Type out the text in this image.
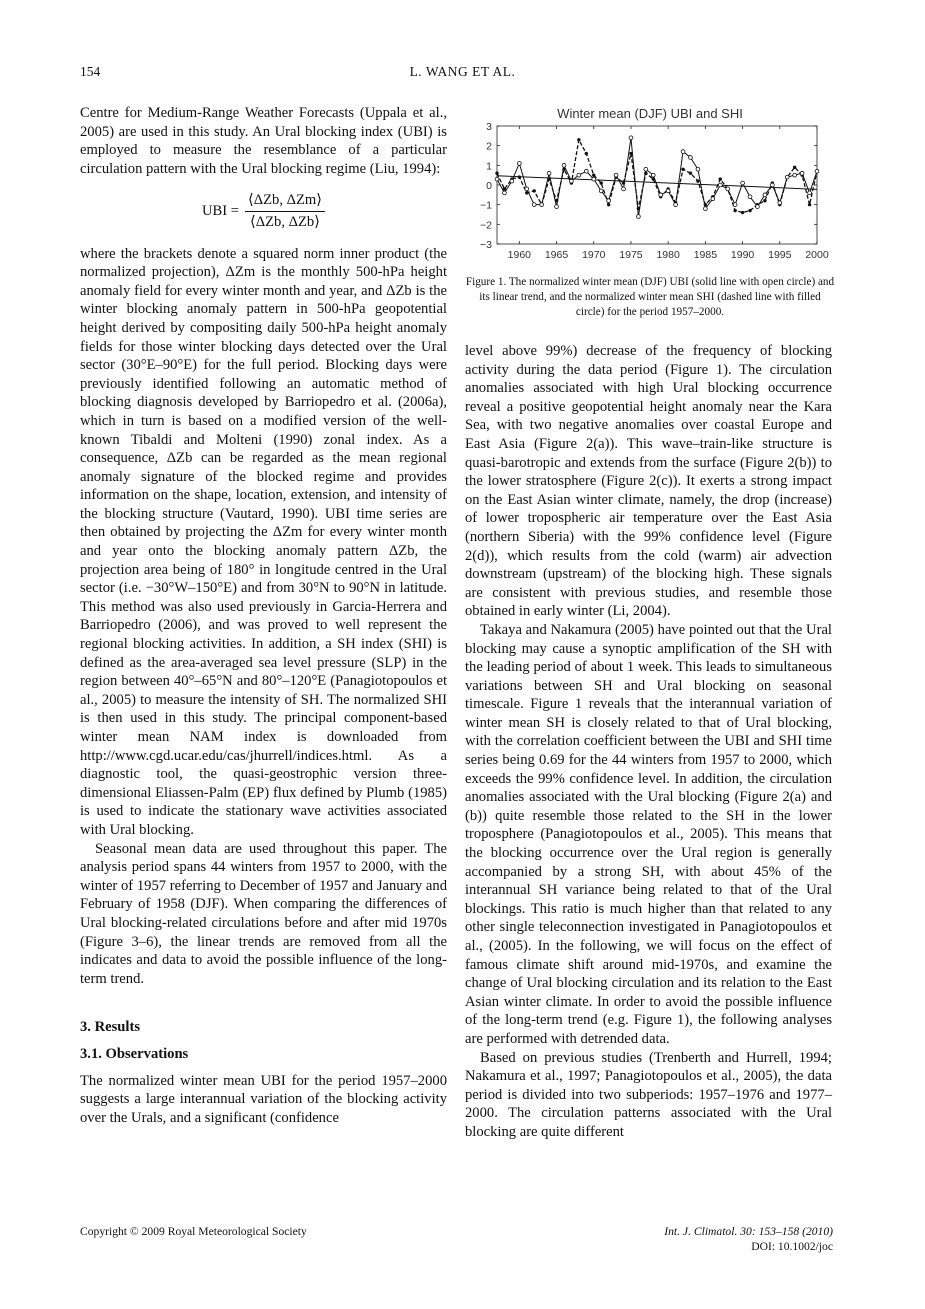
154	L. WANG ET AL.

Centre for Medium-Range Weather Forecasts (Uppala et al., 2005) are used in this study. An Ural blocking index (UBI) is employed to measure the resemblance of a particular circulation pattern with the Ural blocking regime (Liu, 1994):

UBI = $\frac{\text{⟨ΔZb, ΔZm⟩}}{\text{⟨ΔZb, ΔZb⟩}}$

where the brackets denote a squared norm inner product (the normalized projection), ΔZm is the monthly 500-hPa height anomaly field for every winter month and year, and ΔZb is the winter blocking anomaly pattern in 500-hPa geopotential height derived by compositing daily 500-hPa height anomaly fields for those winter blocking days detected over the Ural sector (30°E–90°E) for the full period. Blocking days were previously identified following an automatic method of blocking diagnosis developed by Barriopedro et al. (2006a), which in turn is based on a modified version of the well-known Tibaldi and Molteni (1990) zonal index. As a consequence, ΔZb can be regarded as the mean regional anomaly signature of the blocked regime and provides information on the shape, location, extension, and intensity of the blocking structure (Vautard, 1990). UBI time series are then obtained by projecting the ΔZm for every winter month and year onto the blocking anomaly pattern ΔZb, the projection area being of 180° in longitude centred in the Ural sector (i.e. −30°W–150°E) and from 30°N to 90°N in latitude. This method was also used previously in Garcia-Herrera and Barriopedro (2006), and was proved to well represent the regional blocking activities. In addition, a SH index (SHI) is defined as the area-averaged sea level pressure (SLP) in the region between 40°–65°N and 80°–120°E (Panagiotopoulos et al., 2005) to measure the intensity of SH. The normalized SHI is then used in this study. The principal component-based winter mean NAM index is downloaded from http://www.cgd.ucar.edu/cas/jhurrell/indices.html. As a diagnostic tool, the quasi-geostrophic version three-dimensional Eliassen-Palm (EP) flux defined by Plumb (1985) is used to indicate the stationary wave activities associated with Ural blocking.

Seasonal mean data are used throughout this paper. The analysis period spans 44 winters from 1957 to 2000, with the winter of 1957 referring to December of 1957 and January and February of 1958 (DJF). When comparing the differences of Ural blocking-related circulations before and after mid 1970s (Figure 3–6), the linear trends are removed from all the indicates and data to avoid the possible influence of the long-term trend.

3. Results

3.1. Observations

The normalized winter mean UBI for the period 1957–2000 suggests a large interannual variation of the blocking activity over the Urals, and a significant (confidence

Winter mean (DJF) UBI and SHI
3
2
1
0
−1
−2
−3
1960 1965 1970 1975 1980 1985 1990 1995 2000
Figure 1. The normalized winter mean (DJF) UBI (solid line with open circle) and its linear trend, and the normalized winter mean SHI (dashed line with filled circle) for the period 1957–2000.

level above 99%) decrease of the frequency of blocking activity during the data period (Figure 1). The circulation anomalies associated with high Ural blocking occurrence reveal a positive geopotential height anomaly near the Kara Sea, with two negative anomalies over coastal Europe and East Asia (Figure 2(a)). This wave–train-like structure is quasi-barotropic and extends from the surface (Figure 2(b)) to the lower stratosphere (Figure 2(c)). It exerts a strong impact on the East Asian winter climate, namely, the drop (increase) of lower tropospheric air temperature over the East Asia (northern Siberia) with the 99% confidence level (Figure 2(d)), which results from the cold (warm) air advection downstream (upstream) of the blocking high. These signals are consistent with previous studies, and resemble those obtained in early winter (Li, 2004).

Takaya and Nakamura (2005) have pointed out that the Ural blocking may cause a synoptic amplification of the SH with the leading period of about 1 week. This leads to simultaneous variations between SH and Ural blocking on seasonal timescale. Figure 1 reveals that the interannual variation of winter mean SH is closely related to that of Ural blocking, with the correlation coefficient between the UBI and SHI time series being 0.69 for the 44 winters from 1957 to 2000, which exceeds the 99% confidence level. In addition, the circulation anomalies associated with the Ural blocking (Figure 2(a) and (b)) quite resemble those related to the SH in the lower troposphere (Panagiotopoulos et al., 2005). This means that the blocking occurrence over the Ural region is generally accompanied by a strong SH, with about 45% of the interannual SH variance being related to that of the Ural blockings. This ratio is much higher than that related to any other single teleconnection investigated in Panagiotopoulos et al., (2005). In the following, we will focus on the effect of famous climate shift around mid-1970s, and examine the change of Ural blocking circulation and its relation to the East Asian winter climate. In order to avoid the possible influence of the long-term trend (e.g. Figure 1), the following analyses are performed with detrended data.

Based on previous studies (Trenberth and Hurrell, 1994; Nakamura et al., 1997; Panagiotopoulos et al., 2005), the data period is divided into two subperiods: 1957–1976 and 1977–2000. The circulation patterns associated with the Ural blocking are quite different

Copyright © 2009 Royal Meteorological Society	Int. J. Climatol. 30: 153–158 (2010)
DOI: 10.1002/joc
